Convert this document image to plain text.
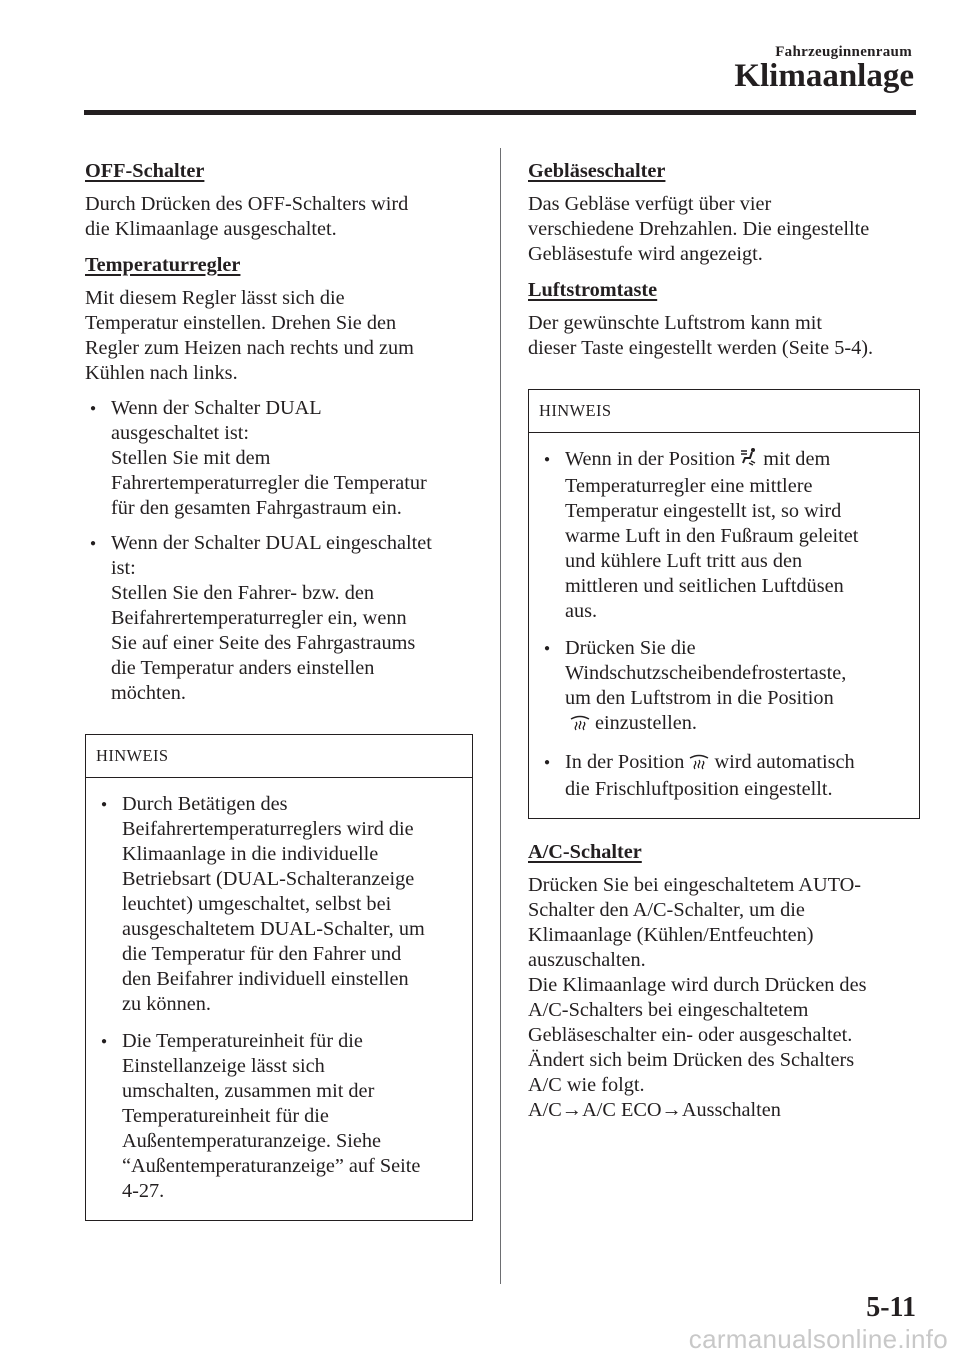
Fahrzeuginnenraum
Klimaanlage
OFF-Schalter

Durch Drücken des OFF-Schalters wird
die Klimaanlage ausgeschaltet.

Temperaturregler

Mit diesem Regler lässt sich die
Temperatur einstellen. Drehen Sie den
Regler zum Heizen nach rechts und zum
Kühlen nach links.

● Wenn der Schalter DUAL
ausgeschaltet ist:
Stellen Sie mit dem
Fahrertemperaturregler die Temperatur
für den gesamten Fahrgastraum ein.
● Wenn der Schalter DUAL eingeschaltet
ist:
Stellen Sie den Fahrer- bzw. den
Beifahrertemperaturregler ein, wenn
Sie auf einer Seite des Fahrgastraums
die Temperatur anders einstellen
möchten.
HINWEIS
● Durch Betätigen des
Beifahrertemperaturreglers wird die
Klimaanlage in die individuelle
Betriebsart (DUAL-Schalteranzeige
leuchtet) umgeschaltet, selbst bei
ausgeschaltetem DUAL-Schalter, um
die Temperatur für den Fahrer und
den Beifahrer individuell einstellen
zu können.
● Die Temperatureinheit für die
Einstellanzeige lässt sich
umschalten, zusammen mit der
Temperatureinheit für die
Außentemperaturanzeige. Siehe
“Außentemperaturanzeige” auf Seite
4-27.
Gebläseschalter

Das Gebläse verfügt über vier
verschiedene Drehzahlen. Die eingestellte
Gebläsestufe wird angezeigt.

Luftstromtaste

Der gewünschte Luftstrom kann mit
dieser Taste eingestellt werden (Seite 5-4).

HINWEIS
● Wenn in der Position mit dem
Temperaturregler eine mittlere
Temperatur eingestellt ist, so wird
warme Luft in den Fußraum geleitet
und kühlere Luft tritt aus den
mittleren und seitlichen Luftdüsen
aus.
● Drücken Sie die
Windschutzscheibendefrostertaste,
um den Luftstrom in die Position
einzustellen.
● In der Position wird automatisch
die Frischluftposition eingestellt.
A/C-Schalter

Drücken Sie bei eingeschaltetem AUTO-
Schalter den A/C-Schalter, um die
Klimaanlage (Kühlen/Entfeuchten)
auszuschalten.
Die Klimaanlage wird durch Drücken des
A/C-Schalters bei eingeschaltetem
Gebläseschalter ein- oder ausgeschaltet.
Ändert sich beim Drücken des Schalters
A/C wie folgt.
A/C→A/C ECO→Ausschalten

5-11
carmanualsonline.info
